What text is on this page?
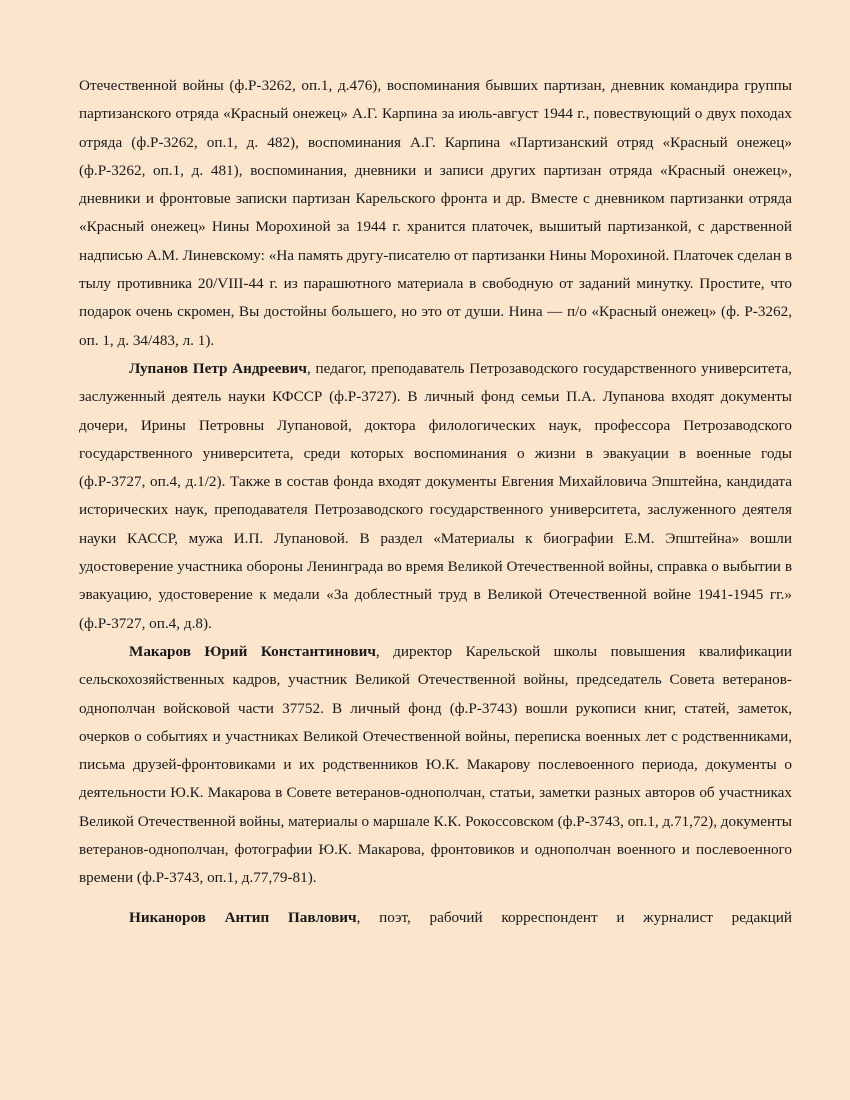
Отечественной войны (ф.Р-3262, оп.1, д.476), воспоминания бывших партизан, дневник командира группы партизанского отряда «Красный онежец» А.Г. Карпина за июль-август 1944 г., повествующий о двух походах отряда (ф.Р-3262, оп.1, д. 482), воспоминания А.Г. Карпина «Партизанский отряд «Красный онежец» (ф.Р-3262, оп.1, д. 481), воспоминания, дневники и записи других партизан отряда «Красный онежец», дневники и фронтовые записки партизан Карельского фронта и др. Вместе с дневником партизанки отряда «Красный онежец» Нины Морохиной за 1944 г. хранится платочек, вышитый партизанкой, с дарственной надписью А.М. Линевскому: «На память другу-писателю от партизанки Нины Морохиной. Платочек сделан в тылу противника 20/VIII-44 г. из парашютного материала в свободную от заданий минутку. Простите, что подарок очень скромен, Вы достойны большего, но это от души. Нина — п/о «Красный онежец» (ф. Р-3262, оп. 1, д. 34/483, л. 1).

Лупанов Петр Андреевич, педагог, преподаватель Петрозаводского государственного университета, заслуженный деятель науки КФССР (ф.Р-3727). В личный фонд семьи П.А. Лупанова входят документы дочери, Ирины Петровны Лупановой, доктора филологических наук, профессора Петрозаводского государственного университета, среди которых воспоминания о жизни в эвакуации в военные годы (ф.Р-3727, оп.4, д.1/2). Также в состав фонда входят документы Евгения Михайловича Эпштейна, кандидата исторических наук, преподавателя Петрозаводского государственного университета, заслуженного деятеля науки КАССР, мужа И.П. Лупановой. В раздел «Материалы к биографии Е.М. Эпштейна» вошли удостоверение участника обороны Ленинграда во время Великой Отечественной войны, справка о выбытии в эвакуацию, удостоверение к медали «За доблестный труд в Великой Отечественной войне 1941-1945 гг.» (ф.Р-3727, оп.4, д.8).

Макаров Юрий Константинович, директор Карельской школы повышения квалификации сельскохозяйственных кадров, участник Великой Отечественной войны, председатель Совета ветеранов-однополчан войсковой части 37752. В личный фонд (ф.Р-3743) вошли рукописи книг, статей, заметок, очерков о событиях и участниках Великой Отечественной войны, переписка военных лет с родственниками, письма друзей-фронтовиками и их родственников Ю.К. Макарову послевоенного периода, документы о деятельности Ю.К. Макарова в Совете ветеранов-однополчан, статьи, заметки разных авторов об участниках Великой Отечественной войны, материалы о маршале К.К. Рокоссовском (ф.Р-3743, оп.1, д.71,72), документы ветеранов-однополчан, фотографии Ю.К. Макарова, фронтовиков и однополчан военного и послевоенного времени (ф.Р-3743, оп.1, д.77,79-81).

Никаноров Антип Павлович, поэт, рабочий корреспондент и журналист редакций
